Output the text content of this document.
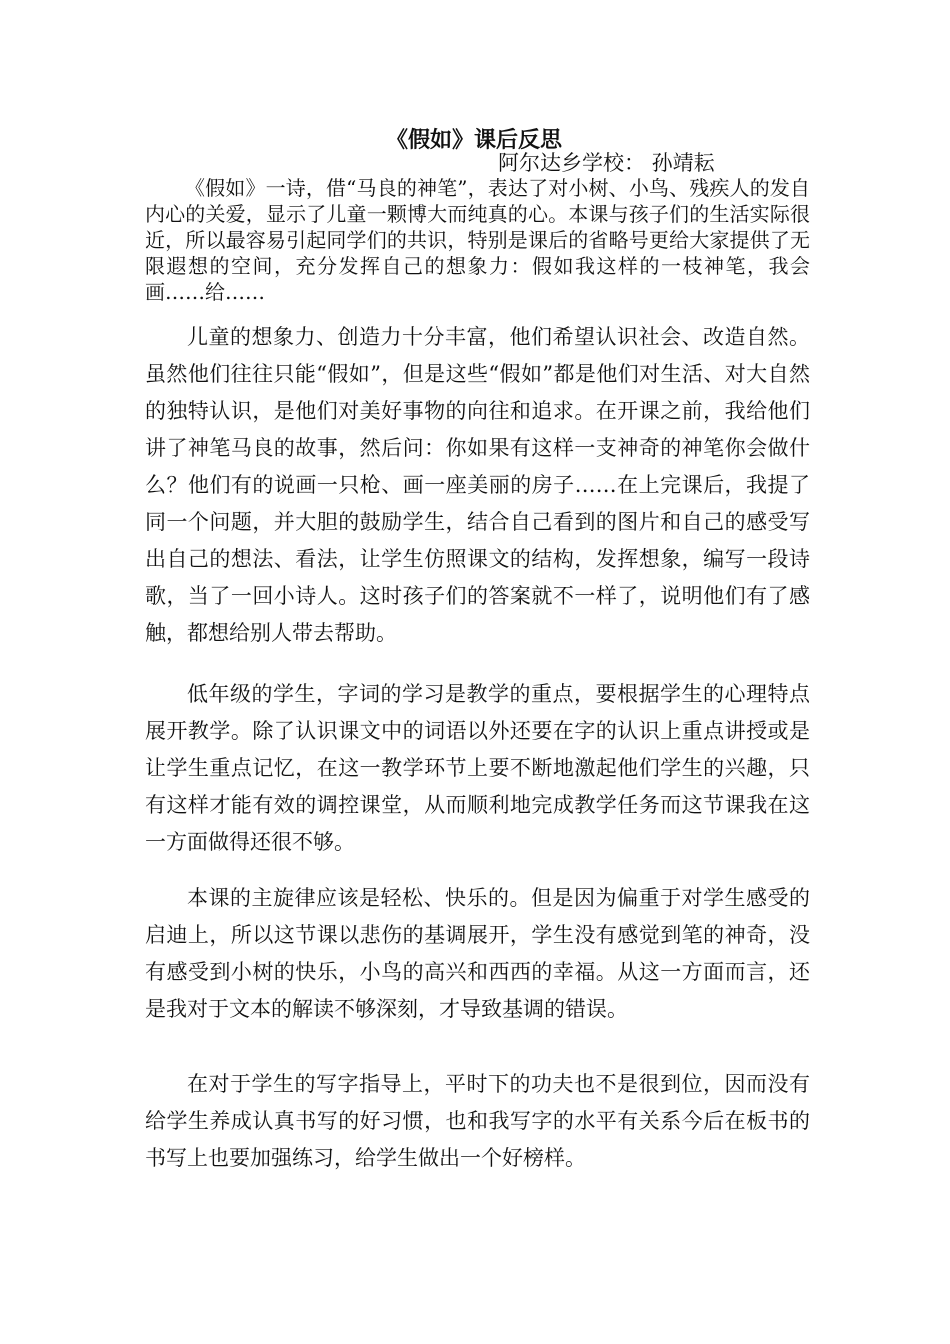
《假如》课后反思
阿尔达乡学校： 孙靖耘

《假如》一诗，借“马良的神笔”，表达了对小树、小鸟、残疾人的发自内心的关爱，显示了儿童一颗博大而纯真的心。本课与孩子们的生活实际很近，所以最容易引起同学们的共识，特别是课后的省略号更给大家提供了无限遐想的空间，充分发挥自己的想象力：假如我这样的一枝神笔，我会画……给……

儿童的想象力、创造力十分丰富，他们希望认识社会、改造自然。虽然他们往往只能“假如”，但是这些“假如”都是他们对生活、对大自然的独特认识，是他们对美好事物的向往和追求。在开课之前，我给他们讲了神笔马良的故事，然后问：你如果有这样一支神奇的神笔你会做什么？他们有的说画一只枪、画一座美丽的房子……在上完课后，我提了同一个问题，并大胆的鼓励学生，结合自己看到的图片和自己的感受写出自己的想法、看法，让学生仿照课文的结构，发挥想象，编写一段诗歌，当了一回小诗人。这时孩子们的答案就不一样了，说明他们有了感触，都想给别人带去帮助。

低年级的学生，字词的学习是教学的重点，要根据学生的心理特点展开教学。除了认识课文中的词语以外还要在字的认识上重点讲授或是让学生重点记忆，在这一教学环节上要不断地激起他们学生的兴趣，只有这样才能有效的调控课堂，从而顺利地完成教学任务而这节课我在这一方面做得还很不够。

本课的主旋律应该是轻松、快乐的。但是因为偏重于对学生感受的启迪上，所以这节课以悲伤的基调展开，学生没有感觉到笔的神奇，没有感受到小树的快乐，小鸟的高兴和西西的幸福。从这一方面而言，还是我对于文本的解读不够深刻，才导致基调的错误。

在对于学生的写字指导上，平时下的功夫也不是很到位，因而没有给学生养成认真书写的好习惯，也和我写字的水平有关系今后在板书的书写上也要加强练习，给学生做出一个好榜样。
